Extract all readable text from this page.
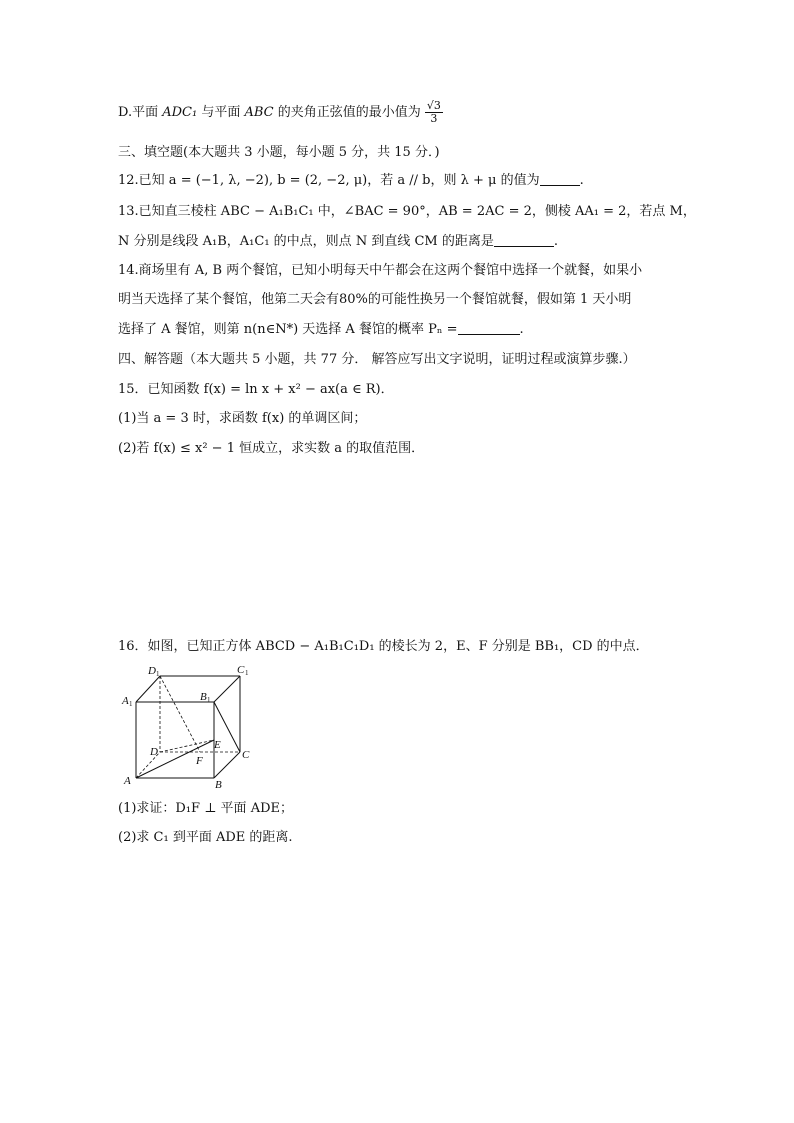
D.平面 ADC₁ 与平面 ABC 的夹角正弦值的最小值为 $\frac{√3}{3}$
三、填空题(本大题共 3 小题，每小题 5 分，共 15 分．)
12.已知 a = (−1, λ, −2), b = (2, −2, μ)，若 a // b，则 λ + μ 的值为	.
13.已知直三棱柱 ABC − A₁B₁C₁ 中，∠BAC = 90°，AB = 2AC = 2，侧棱 AA₁ = 2，若点 M，
N 分别是线段 A₁B，A₁C₁ 的中点，则点 N 到直线 CM 的距离是	.
14.商场里有 A, B 两个餐馆，已知小明每天中午都会在这两个餐馆中选择一个就餐，如果小
明当天选择了某个餐馆，他第二天会有80%的可能性换另一个餐馆就餐，假如第 1 天小明
选择了 A 餐馆，则第 n(n∈N*) 天选择 A 餐馆的概率 Pₙ =	.
四、解答题（本大题共 5 小题，共 77 分． 解答应写出文字说明，证明过程或演算步骤.）
15．已知函数 f(x) = ln x + x² − ax(a ∈ R)．
(1)当 a = 3 时，求函数 f(x) 的单调区间；
(2)若 f(x) ≤ x² − 1 恒成立，求实数 a 的取值范围．
16．如图，已知正方体 ABCD − A₁B₁C₁D₁ 的棱长为 2，E、F 分别是 BB₁，CD 的中点．
D 1	C 1
A 1
B 1
D
E
F	C
A	B
(1)求证：D₁F ⊥ 平面 ADE；
(2)求 C₁ 到平面 ADE 的距离.
